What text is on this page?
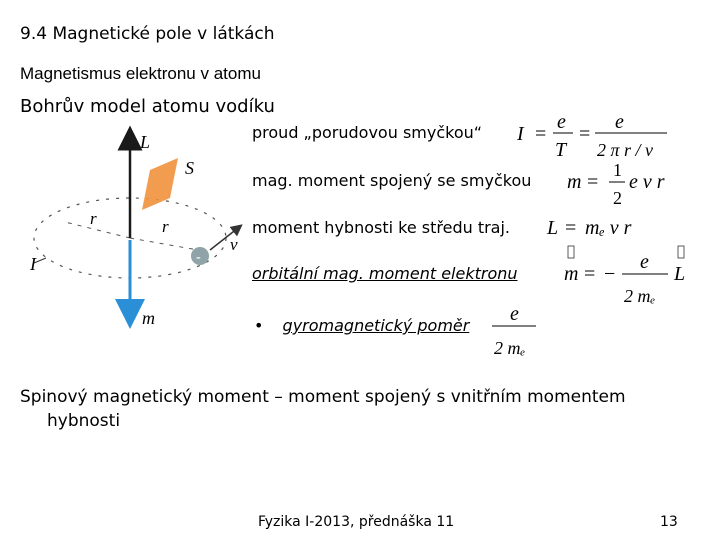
9.4 Magnetické pole v látkách
Magnetismus elektronu v atomu
Bohrův model atomu vodíku
-
L
S
r	r
v
I
m
proud „porudovou smyčkou“
mag. moment spojený se smyčkou
moment hybnosti ke středu traj.
orbitální mag. moment elektronu
• gyromagnetický poměr
I =
e
T
=
e
2 π r / v
m =
1
2
e v r
L = mₑ v r
m = −
e
2 mₑ
L
e
2 mₑ
Spinový magnetický moment – moment spojený s vnitřním momentem
hybnosti
Fyzika I-2013, přednáška 11	13
